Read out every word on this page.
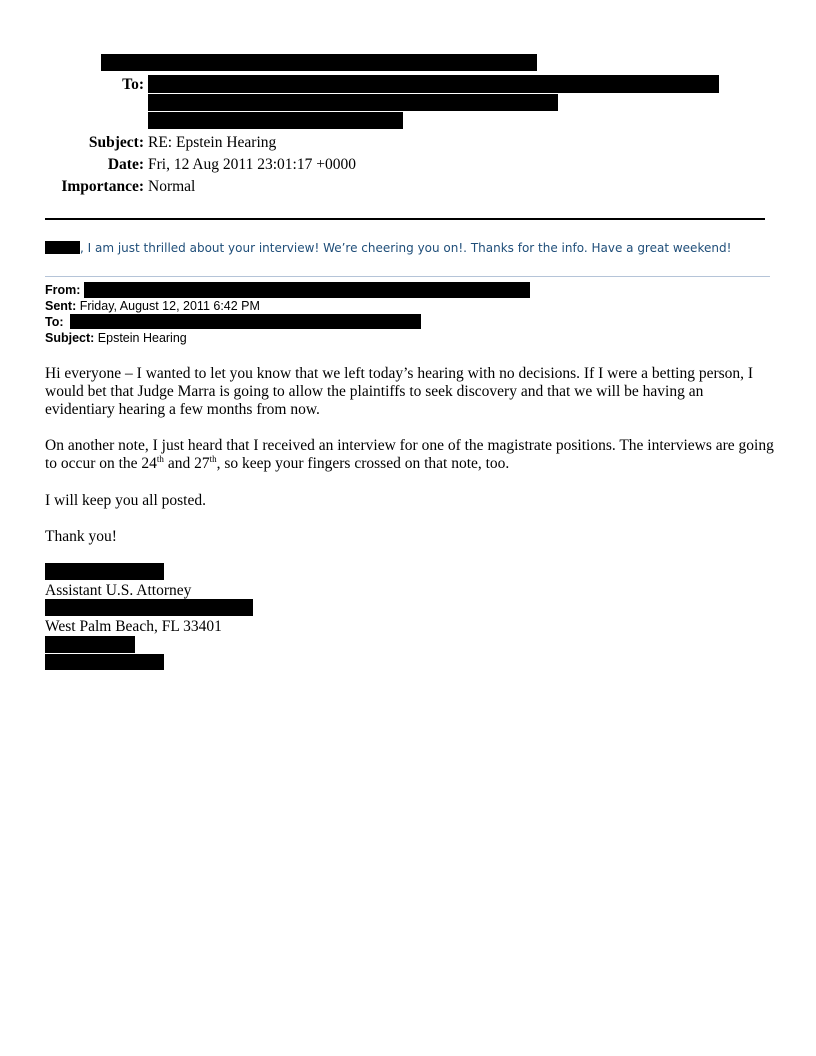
To:
Subject: RE: Epstein Hearing
Date: Fri, 12 Aug 2011 23:01:17 +0000
Importance: Normal
, I am just thrilled about your interview! We’re cheering you on!. Thanks for the info. Have a great weekend!
From:
Sent: Friday, August 12, 2011 6:42 PM
To:
Subject: Epstein Hearing
Hi everyone – I wanted to let you know that we left today’s hearing with no decisions. If I were a betting person, I would bet that Judge Marra is going to allow the plaintiffs to seek discovery and that we will be having an evidentiary hearing a few months from now.
On another note, I just heard that I received an interview for one of the magistrate positions. The interviews are going to occur on the 24th and 27th, so keep your fingers crossed on that note, too.
I will keep you all posted.
Thank you!
Assistant U.S. Attorney
West Palm Beach, FL 33401
